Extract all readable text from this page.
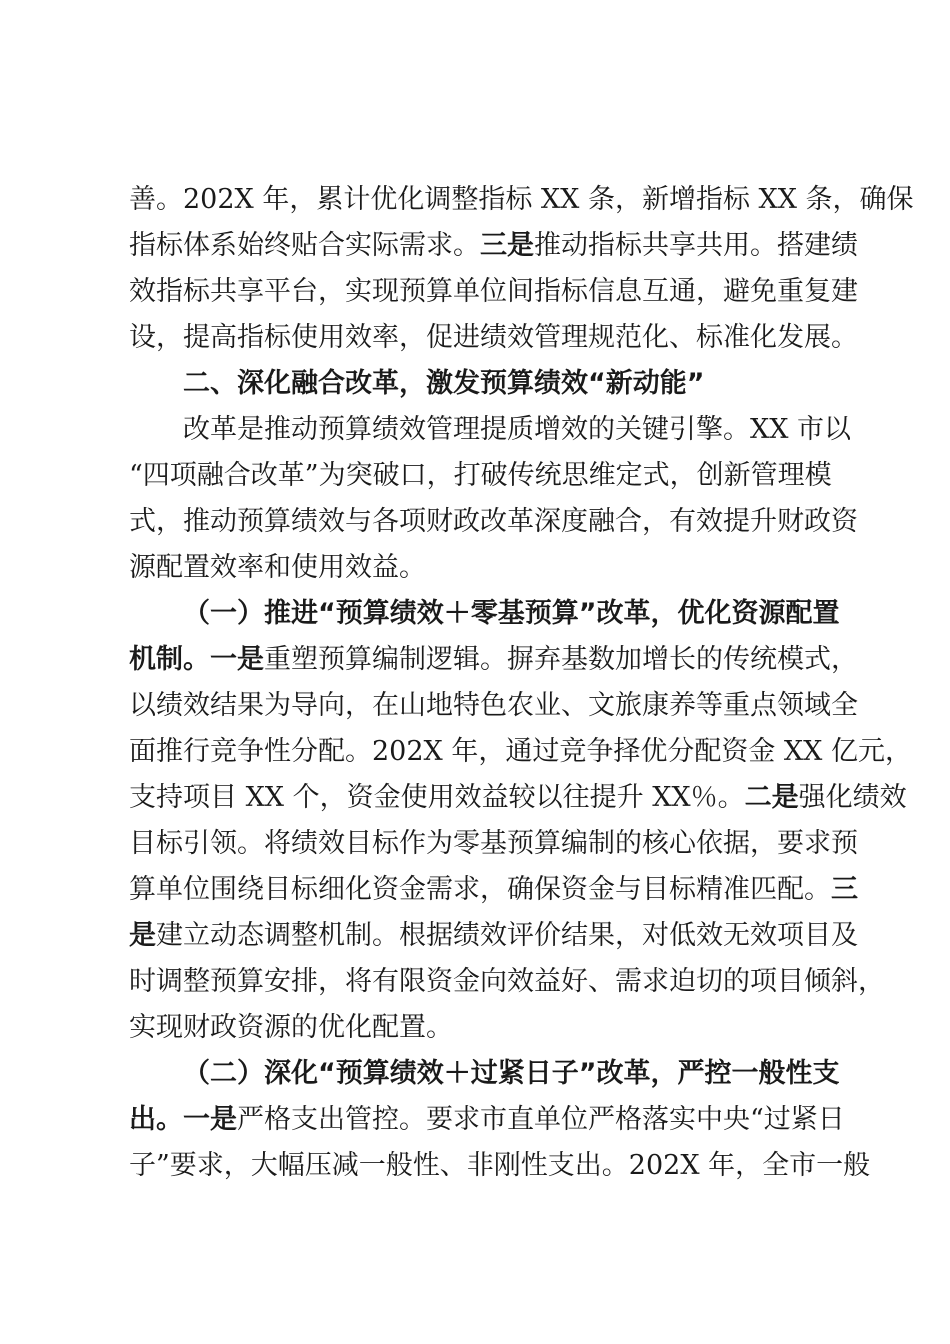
善。202X 年，累计优化调整指标 XX 条，新增指标 XX 条，确保
指标体系始终贴合实际需求。三是推动指标共享共用。搭建绩
效指标共享平台，实现预算单位间指标信息互通，避免重复建
设，提高指标使用效率，促进绩效管理规范化、标准化发展。
二、深化融合改革，激发预算绩效“新动能”
改革是推动预算绩效管理提质增效的关键引擎。XX 市以
“四项融合改革”为突破口，打破传统思维定式，创新管理模
式，推动预算绩效与各项财政改革深度融合，有效提升财政资
源配置效率和使用效益。
（一）推进“预算绩效＋零基预算”改革，优化资源配置
机制。一是重塑预算编制逻辑。摒弃基数加增长的传统模式，
以绩效结果为导向，在山地特色农业、文旅康养等重点领域全
面推行竞争性分配。202X 年，通过竞争择优分配资金 XX 亿元，
支持项目 XX 个，资金使用效益较以往提升 XX％。二是强化绩效
目标引领。将绩效目标作为零基预算编制的核心依据，要求预
算单位围绕目标细化资金需求，确保资金与目标精准匹配。三
是建立动态调整机制。根据绩效评价结果，对低效无效项目及
时调整预算安排，将有限资金向效益好、需求迫切的项目倾斜，
实现财政资源的优化配置。
（二）深化“预算绩效＋过紧日子”改革，严控一般性支
出。一是严格支出管控。要求市直单位严格落实中央“过紧日
子”要求，大幅压减一般性、非刚性支出。202X 年，全市一般
